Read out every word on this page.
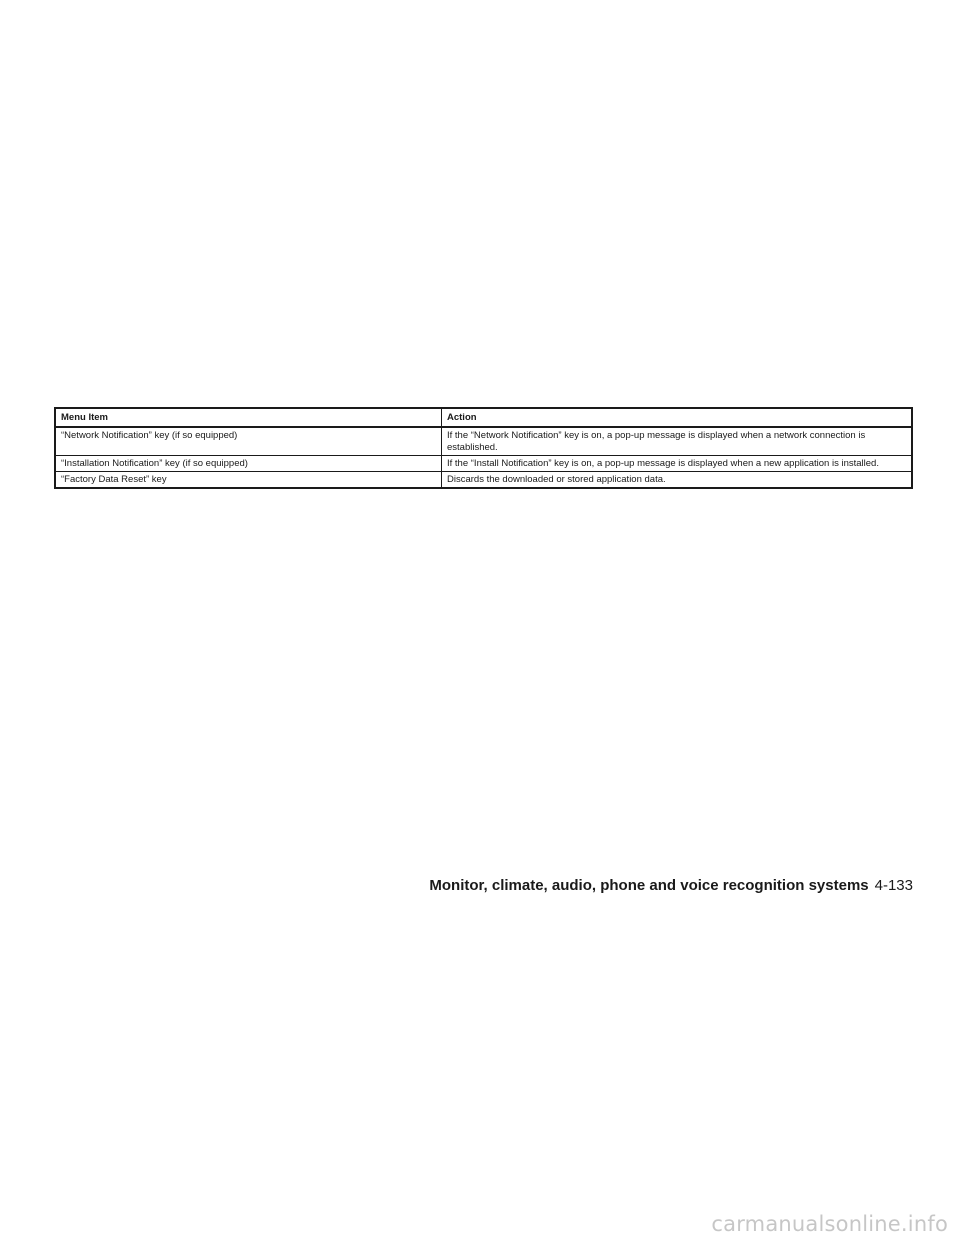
Menu Item	Action
“Network Notification” key (if so equipped)	If the “Network Notification” key is on, a pop-up message is displayed when a network connection is established.
“Installation Notification” key (if so equipped)	If the “Install Notification” key is on, a pop-up message is displayed when a new application is installed.
“Factory Data Reset” key	Discards the downloaded or stored application data.
Monitor, climate, audio, phone and voice recognition systems 4-133
carmanualsonline.info
